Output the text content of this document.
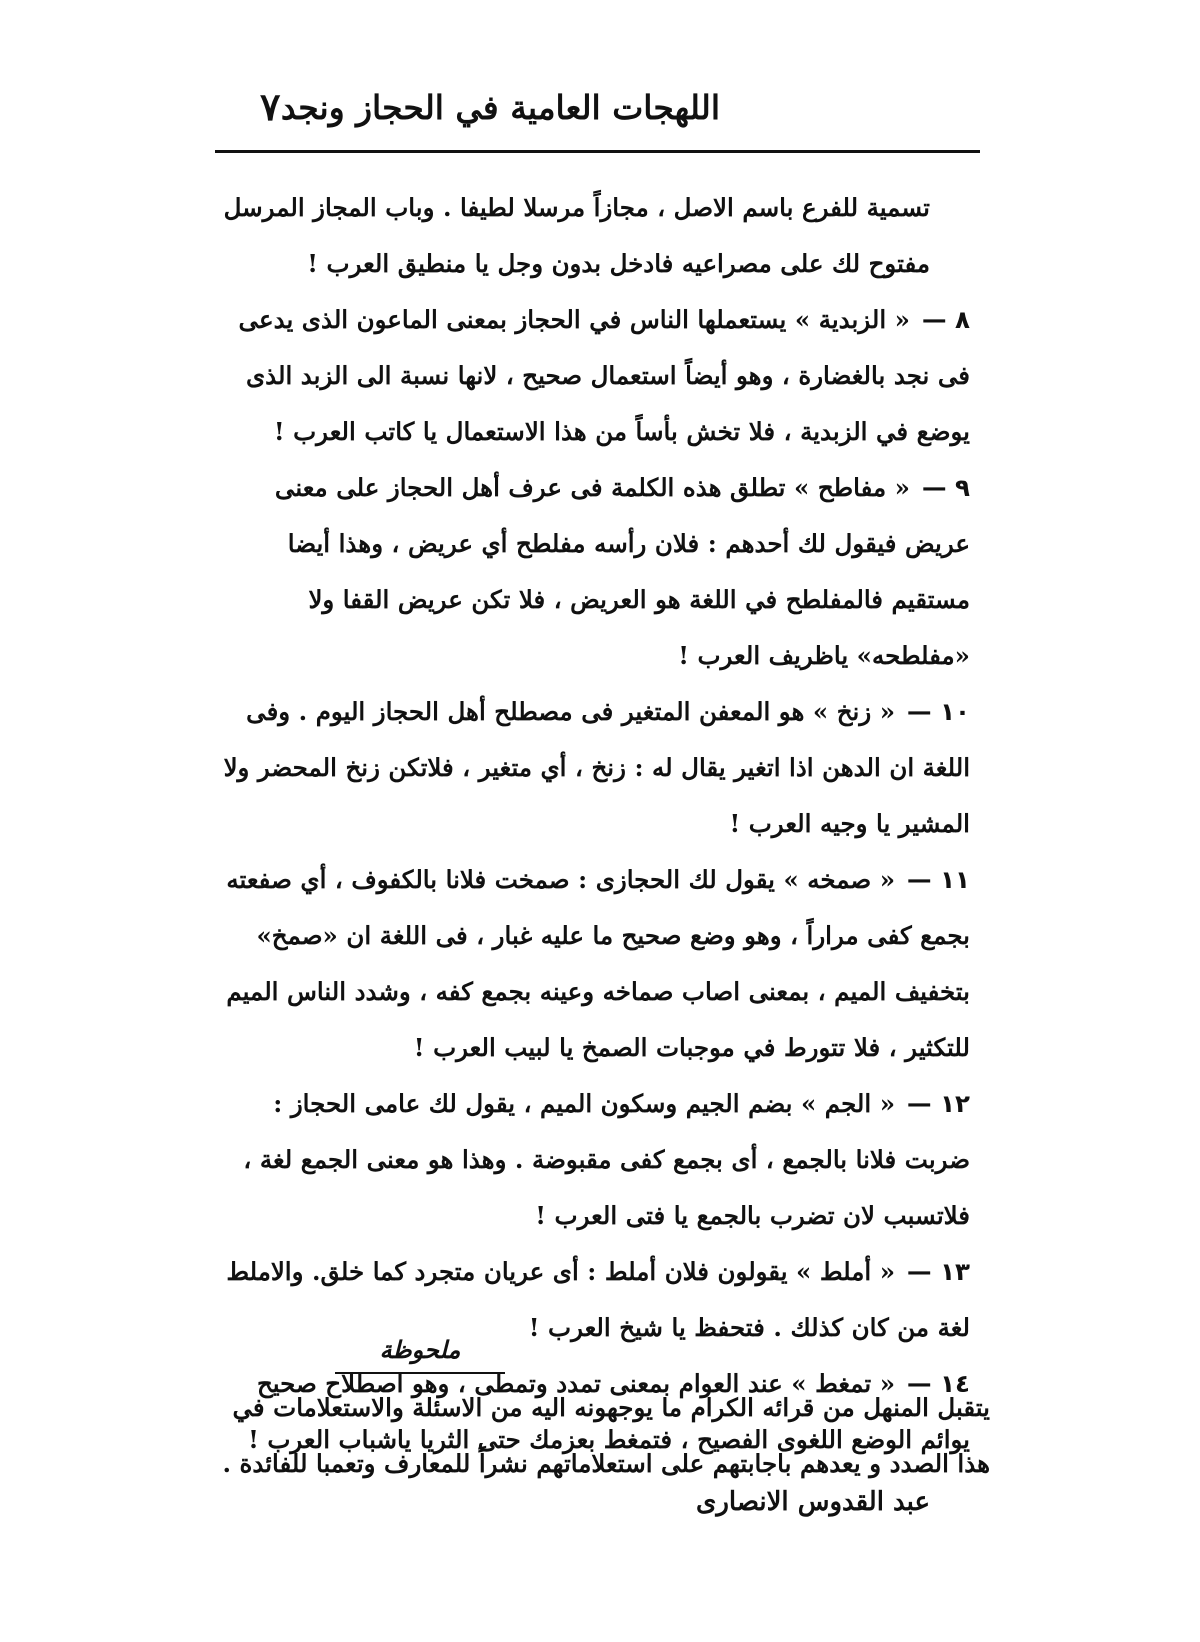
اللهجات العامية في الحجاز ونجد
٧

تسمية للفرع باسم الاصل ، مجازاً مرسلا لطيفا . وباب المجاز المرسل مفتوح لك على مصراعيه فادخل بدون وجل يا منطيق العرب !

٨ —« الزبدية » يستعملها الناس في الحجاز بمعنى الماعون الذى يدعى فى نجد بالغضارة ، وهو أيضاً استعمال صحيح ، لانها نسبة الى الزبد الذى يوضع في الزبدية ، فلا تخش بأساً من هذا الاستعمال يا كاتب العرب !

٩ —« مفاطح » تطلق هذه الكلمة فى عرف أهل الحجاز على معنى عريض فيقول لك أحدهم : فلان رأسه مفلطح أي عريض ، وهذا أيضا مستقيم فالمفلطح في اللغة هو العريض ، فلا تكن عريض القفا ولا «مفلطحه» ياظريف العرب !

١٠ —« زنخ » هو المعفن المتغير فى مصطلح أهل الحجاز اليوم . وفى اللغة ان الدهن اذا اتغير يقال له : زنخ ، أي متغير ، فلاتكن زنخ المحضر ولا المشير يا وجيه العرب !

١١ —« صمخه » يقول لك الحجازى : صمخت فلانا بالكفوف ، أي صفعته بجمع كفى مراراً ، وهو وضع صحيح ما عليه غبار ، فى اللغة ان «صمخ» بتخفيف الميم ، بمعنى اصاب صماخه وعينه بجمع كفه ، وشدد الناس الميم للتكثير ، فلا تتورط في موجبات الصمخ يا لبيب العرب !

١٢ —« الجم » بضم الجيم وسكون الميم ، يقول لك عامى الحجاز : ضربت فلانا بالجمع ، أى بجمع كفى مقبوضة . وهذا هو معنى الجمع لغة ، فلاتسبب لان تضرب بالجمع يا فتى العرب !

١٣ —« أملط » يقولون فلان أملط : أى عريان متجرد كما خلق. والاملط لغة من كان كذلك . فتحفظ يا شيخ العرب !

١٤ —« تمغط » عند العوام بمعنى تمدد وتمطى ، وهو اصطلاح صحيح يوائم الوضع اللغوى الفصيح ، فتمغط بعزمك حتى الثريا ياشباب العرب !

عبد القدوس الانصارى
ملحوظة
يتقبل المنهل من قرائه الكرام ما يوجهونه اليه من الاسئلة والاستعلامات في هذا الصدد و يعدهم باجابتهم على استعلاماتهم نشراً للمعارف وتعمبا للفائدة .
